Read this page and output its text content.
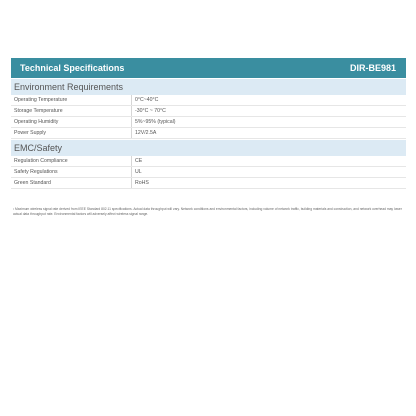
Technical Specifications	DIR-BE981
Environment Requirements
Operating Temperature	0°C~40°C
Storage Temperature	-30°C ~ 70°C
Operating Humidity	5%~95% (typical)
Power Supply	12V/2.5A
EMC/Safety
Regulation Compliance	CE
Safety Regulations	UL
Green Standard	RoHS
¹ Maximum wireless signal rate derived from IEEE Standard 802.11 specifications. Actual data throughput will vary. Network conditions and environmental factors, including volume of network traffic, building materials and construction, and network overhead may lower actual data throughput rate. Environmental factors will adversely affect wireless signal range.
